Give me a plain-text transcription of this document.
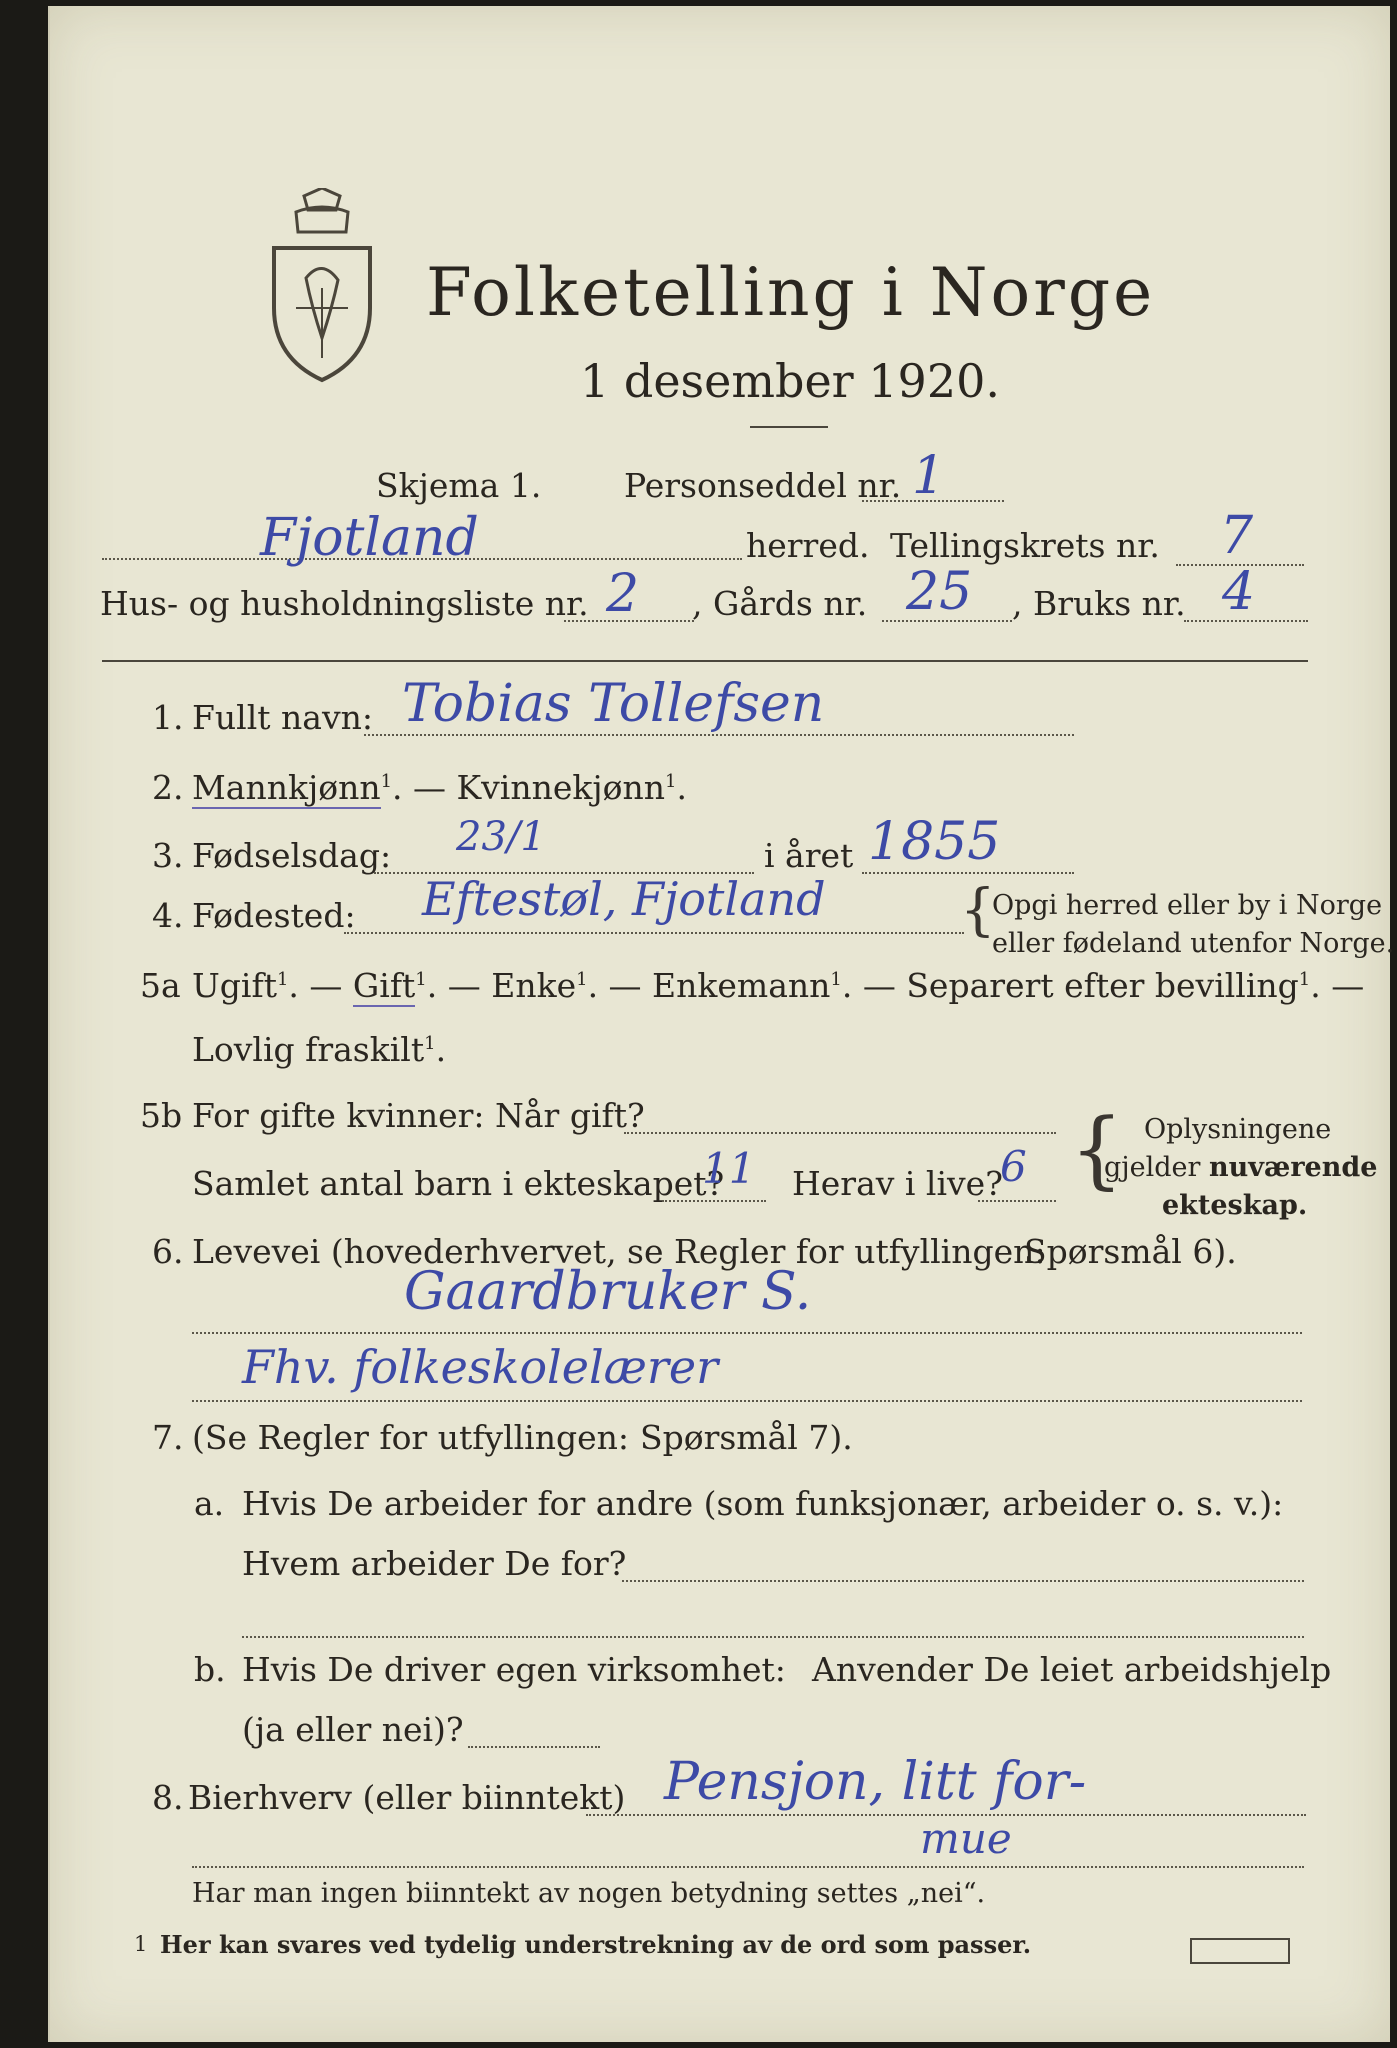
Folketelling i Norge
1 desember 1920.
Skjema 1.	Personseddel nr. 1
Fjotland	herred. Tellingskrets nr. 7
Hus- og husholdningsliste nr. 2 , Gårds nr. 25 , Bruks nr. 4
1. Fullt navn: Tobias Tollefsen
2. Mannkjønn$^1$. — Kvinnekjønn$^1$.
3. Fødselsdag: 23/1	i året 1855
4. Fødested: Eftestøl, Fjotland {
Opgi herred eller by i Norge
eller fødeland utenfor Norge.
5a Ugift$^1$. — Gift$^1$. — Enke$^1$. — Enkemann$^1$. — Separert efter bevilling$^1$. —
Lovlig fraskilt$^1$.
5b For gifte kvinner: Når gift?
Samlet antal barn i ekteskapet?
11 Herav i live?
6 { Oplysningene
gjelder nuværende
ekteskap.
6. Levevei (hovederhvervet, se Regler for utfyllingen:
Spørsmål 6).
Gaardbruker S.
Fhv. folkeskolelærer
7. (Se Regler for utfyllingen: Spørsmål 7).
a. Hvis De arbeider for andre (som funksjonær, arbeider o. s. v.):
Hvem arbeider De for?
b. Hvis De driver egen virksomhet: Anvender De leiet arbeidshjelp
(ja eller nei)?
8. Bierhverv (eller biinntekt) Pensjon, litt for-
mue
Har man ingen biinntekt av nogen betydning settes „nei“.
1 Her kan svares ved tydelig understrekning av de ord som passer.
